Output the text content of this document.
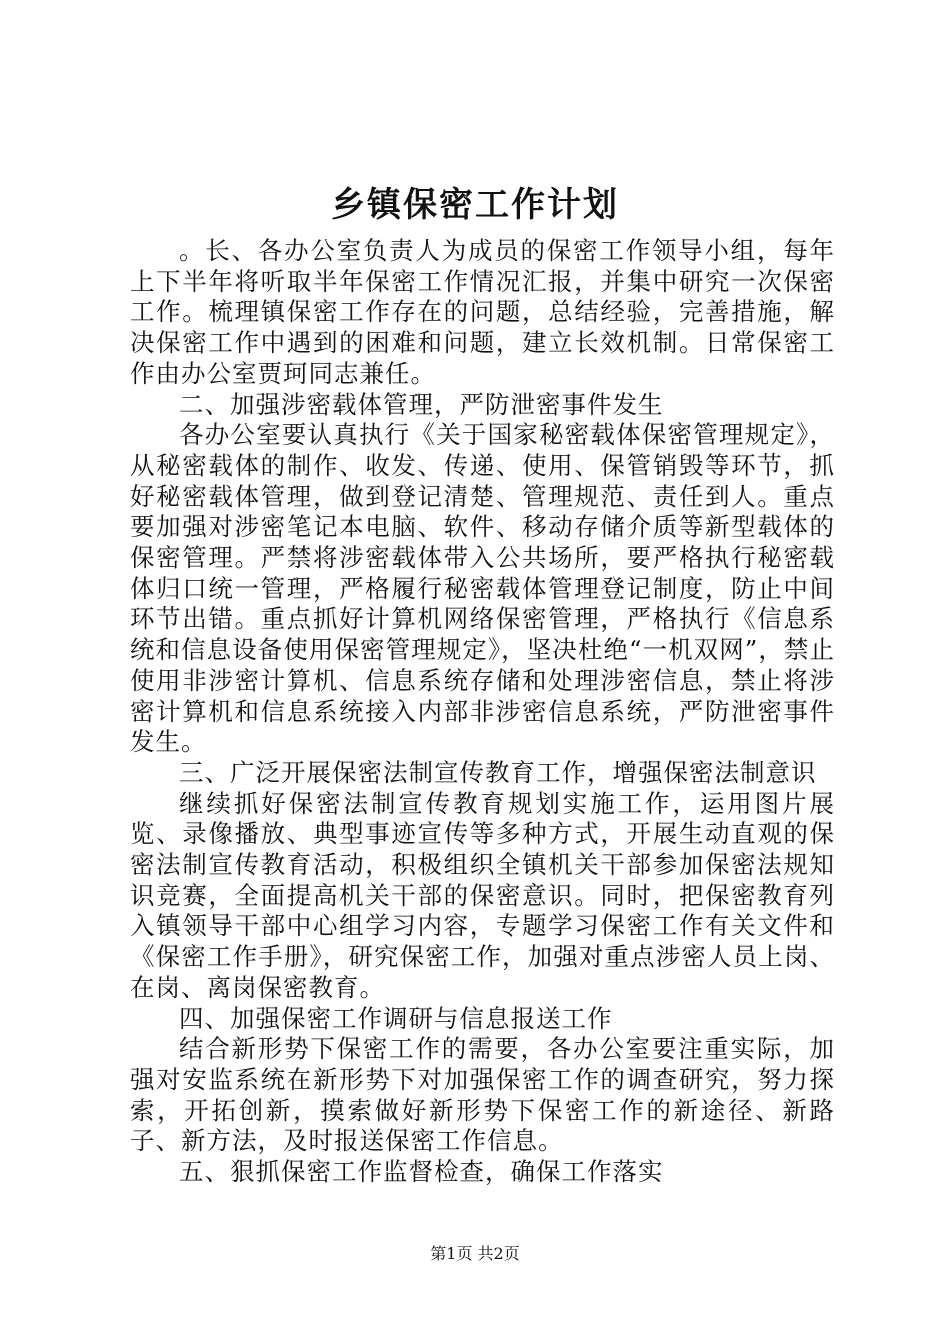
乡镇保密工作计划

。长、各办公室负责人为成员的保密工作领导小组，每年上下半年将听取半年保密工作情况汇报，并集中研究一次保密工作。梳理镇保密工作存在的问题，总结经验，完善措施，解决保密工作中遇到的困难和问题，建立长效机制。日常保密工作由办公室贾珂同志兼任。

二、加强涉密载体管理，严防泄密事件发生

各办公室要认真执行《关于国家秘密载体保密管理规定》，从秘密载体的制作、收发、传递、使用、保管销毁等环节，抓好秘密载体管理，做到登记清楚、管理规范、责任到人。重点要加强对涉密笔记本电脑、软件、移动存储介质等新型载体的保密管理。严禁将涉密载体带入公共场所，要严格执行秘密载体归口统一管理，严格履行秘密载体管理登记制度，防止中间环节出错。重点抓好计算机网络保密管理，严格执行《信息系统和信息设备使用保密管理规定》，坚决杜绝“一机双网”，禁止使用非涉密计算机、信息系统存储和处理涉密信息，禁止将涉密计算机和信息系统接入内部非涉密信息系统，严防泄密事件发生。

三、广泛开展保密法制宣传教育工作，增强保密法制意识

继续抓好保密法制宣传教育规划实施工作，运用图片展览、录像播放、典型事迹宣传等多种方式，开展生动直观的保密法制宣传教育活动，积极组织全镇机关干部参加保密法规知识竞赛，全面提高机关干部的保密意识。同时，把保密教育列入镇领导干部中心组学习内容，专题学习保密工作有关文件和《保密工作手册》，研究保密工作，加强对重点涉密人员上岗、在岗、离岗保密教育。

四、加强保密工作调研与信息报送工作

结合新形势下保密工作的需要，各办公室要注重实际，加强对安监系统在新形势下对加强保密工作的调查研究，努力探索，开拓创新，摸索做好新形势下保密工作的新途径、新路子、新方法，及时报送保密工作信息。

五、狠抓保密工作监督检查，确保工作落实

第1页 共2页
